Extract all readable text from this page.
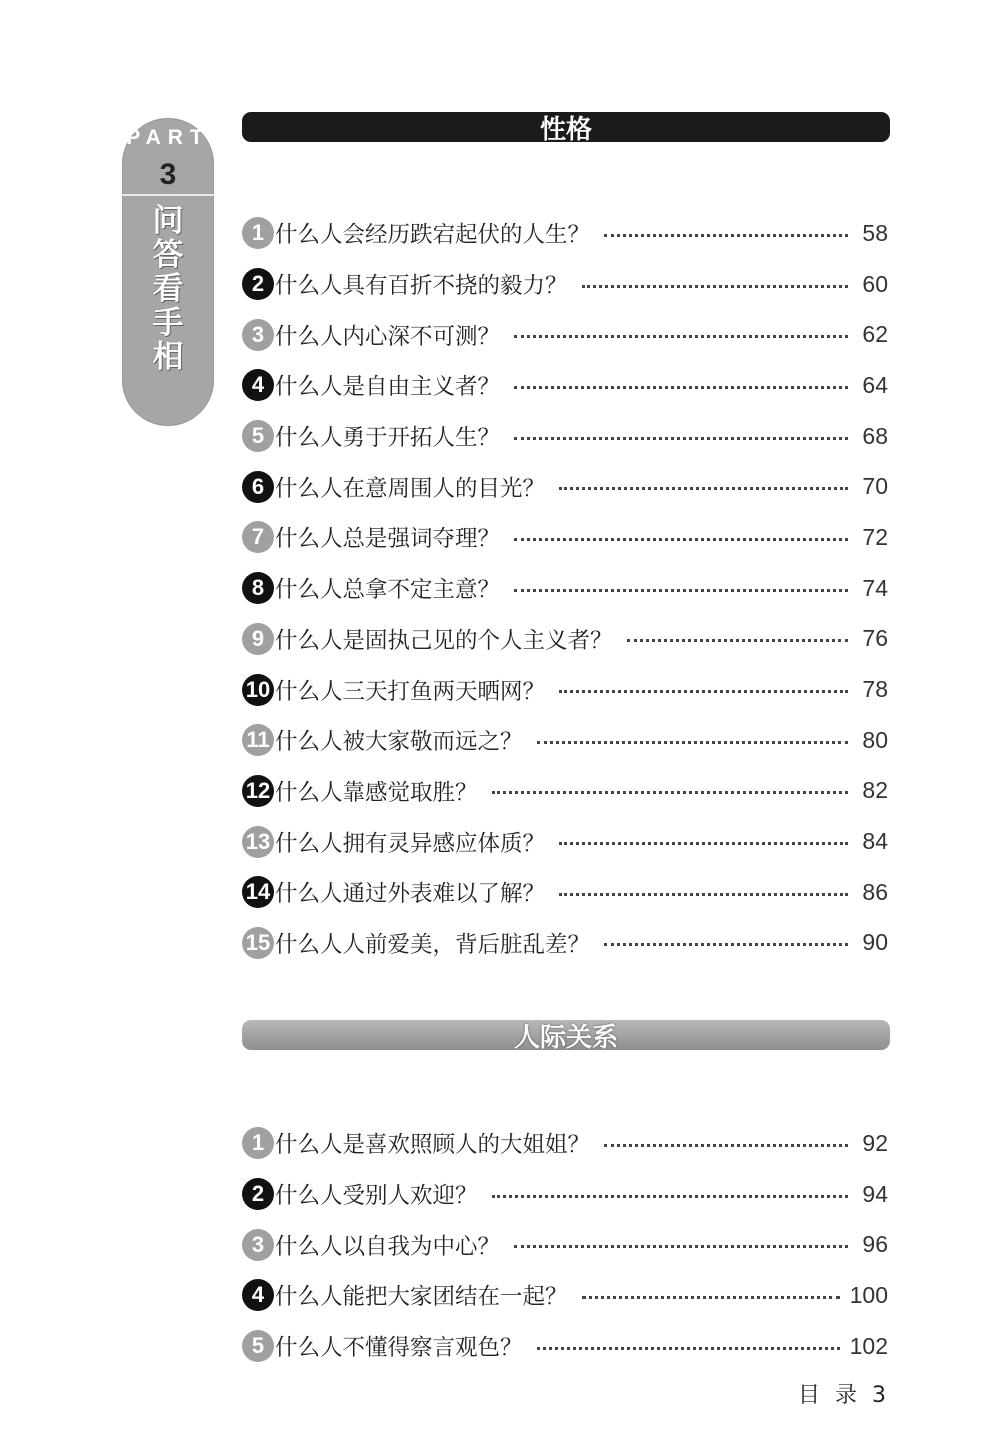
PART
3
问答看手相
性格
1 什么人会经历跌宕起伏的人生？	58
2 什么人具有百折不挠的毅力？	60
3 什么人内心深不可测？	62
4 什么人是自由主义者？	64
5 什么人勇于开拓人生？	68
6 什么人在意周围人的目光？	70
7 什么人总是强词夺理？	72
8 什么人总拿不定主意？	74
9 什么人是固执己见的个人主义者？	76
10 什么人三天打鱼两天晒网？	78
11 什么人被大家敬而远之？	80
12 什么人靠感觉取胜？	82
13 什么人拥有灵异感应体质？	84
14 什么人通过外表难以了解？	86
15 什么人人前爱美，背后脏乱差？	90
人际关系
1 什么人是喜欢照顾人的大姐姐？	92
2 什么人受别人欢迎？	94
3 什么人以自我为中心？	96
4 什么人能把大家团结在一起？	100
5 什么人不懂得察言观色？	102
目 录 3
